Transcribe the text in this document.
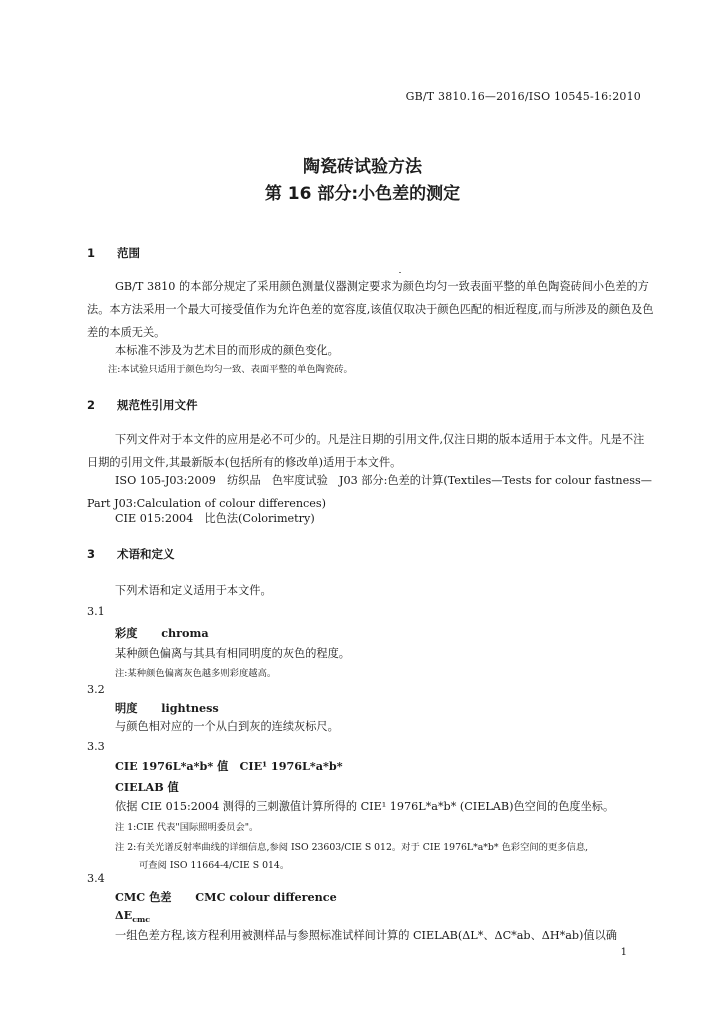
GB/T 3810.16—2016/ISO 10545-16:2010
陶瓷砖试验方法
第 16 部分:小色差的测定
1 范围
GB/T 3810 的本部分规定了采用颜色测量仪器测定要求为颜色均匀一致表面平整的单色陶瓷砖间小色差的方法。本方法采用一个最大可接受值作为允许色差的宽容度,该值仅取决于颜色匹配的相近程度,而与所涉及的颜色及色差的本质无关。
本标准不涉及为艺术目的而形成的颜色变化。
注:本试验只适用于颜色均匀一致、表面平整的单色陶瓷砖。
2 规范性引用文件
下列文件对于本文件的应用是必不可少的。凡是注日期的引用文件,仅注日期的版本适用于本文件。凡是不注日期的引用文件,其最新版本(包括所有的修改单)适用于本文件。
ISO 105-J03:2009　纺织品　色牢度试验　J03 部分:色差的计算(Textiles—Tests for colour fastness—Part J03:Calculation of colour differences)
CIE 015:2004　比色法(Colorimetry)
3 术语和定义
下列术语和定义适用于本文件。
3.1
彩度 chroma
某种颜色偏离与其具有相同明度的灰色的程度。
注:某种颜色偏离灰色越多则彩度越高。
3.2
明度 lightness
与颜色相对应的一个从白到灰的连续灰标尺。
3.3
CIE 1976L*a*b* 值　CIE¹ 1976L*a*b*
CIELAB 值
依据 CIE 015:2004 测得的三刺激值计算所得的 CIE¹ 1976L*a*b* (CIELAB)色空间的色度坐标。
注 1:CIE 代表"国际照明委员会"。
注 2:有关光谱反射率曲线的详细信息,参阅 ISO 23603/CIE S 012。对于 CIE 1976L*a*b* 色彩空间的更多信息,
可查阅 ISO 11664-4/CIE S 014。
3.4
CMC 色差 CMC colour difference
$\Delta E_{cmc}$
一组色差方程,该方程利用被测样品与参照标准试样间计算的 CIELAB(ΔL*、ΔC*ab、ΔH*ab)值以确
1
